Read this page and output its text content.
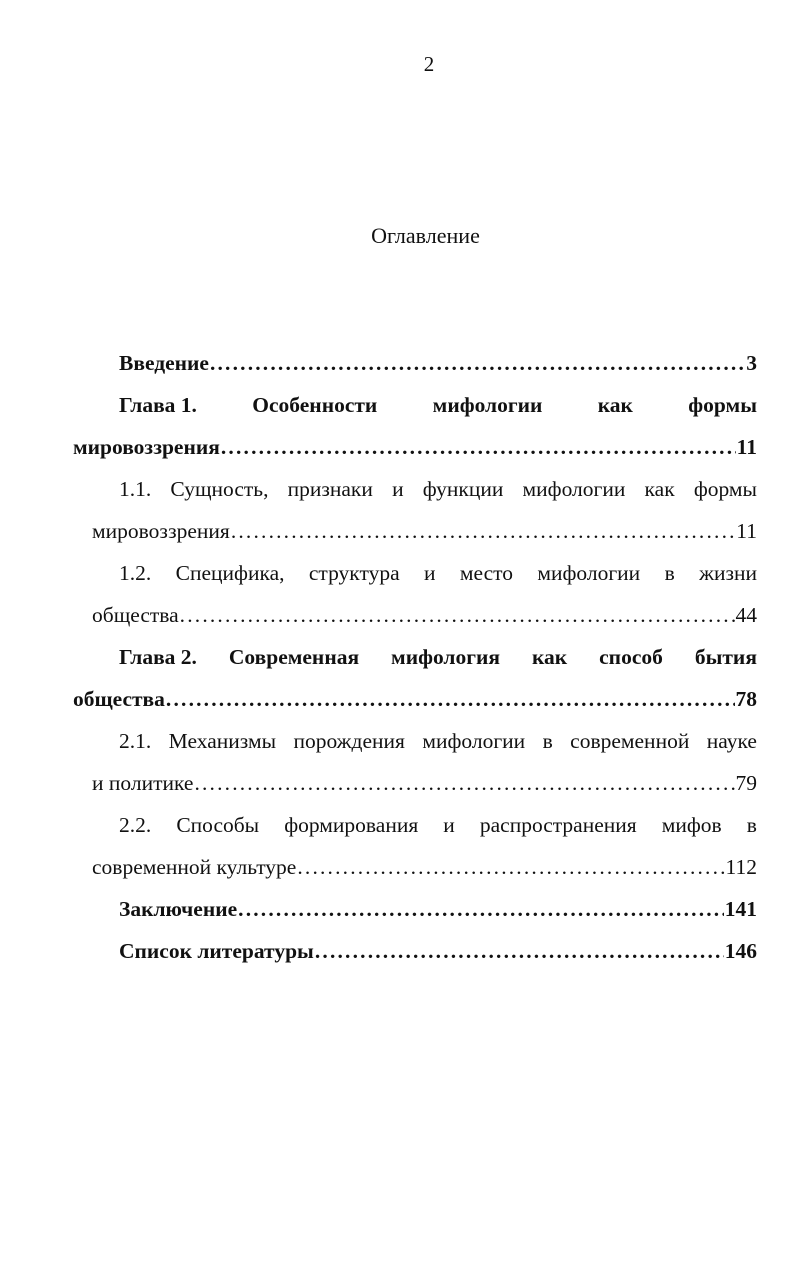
2
Оглавление
Введение . . .	3
Глава 1.	Особенности	мифологии	как	формы
мировоззрения . . .	11
1.1. Сущность, признаки и функции мифологии как формы
мировоззрения . . .	11
1.2. Специфика, структура и место мифологии в жизни
общества . . .	44
Глава 2. Современная мифология как способ бытия
общества . . .	78
2.1. Механизмы порождения мифологии в современной науке
и политике . . .	79
2.2. Способы формирования и распространения мифов в
современной культуре . . .	112
Заключение . . .	141
Список литературы . . .	146
